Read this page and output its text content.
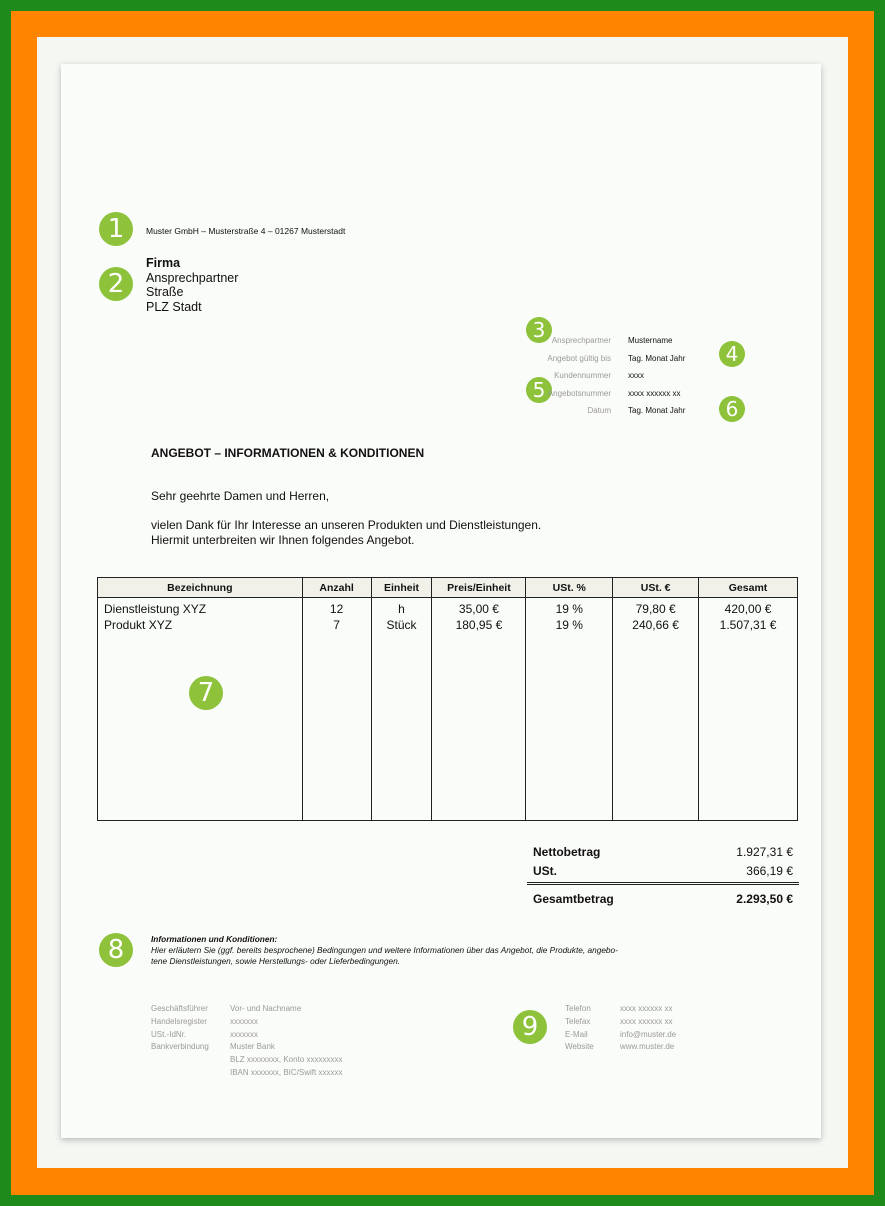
1	Muster GmbH – Musterstraße 4 – 01267 Musterstadt
2
Firma
Ansprechpartner
Straße
PLZ Stadt
3
4
5
6
Ansprechpartner	Mustername
Angebot gültig bis	Tag. Monat Jahr
Kundennummer	xxxx
Angebotsnummer	xxxx xxxxxx xx
Datum	Tag. Monat Jahr
ANGEBOT – INFORMATIONEN & KONDITIONEN
Sehr geehrte Damen und Herren,
vielen Dank für Ihr Interesse an unseren Produkten und Dienstleistungen.
Hiermit unterbreiten wir Ihnen folgendes Angebot.
Bezeichnung	Anzahl	Einheit	Preis/Einheit	USt. %	USt. €	Gesamt
Dienstleistung XYZ	12	h	35,00 €	19 %	79,80 €	420,00 €
Produkt XYZ	7	Stück	180,95 €	19 %	240,66 €	1.507,31 €

7
Nettobetrag	1.927,31 €
USt.	366,19 €
Gesamtbetrag	2.293,50 €
8	Informationen und Konditionen:
Hier erläutern Sie (ggf. bereits besprochene) Bedingungen und weitere Informationen über das Angebot, die Produkte, angebo-
tene Dienstleistungen, sowie Herstellungs- oder Lieferbedingungen.
Geschäftsführer	Vor- und Nachname
Handelsregister	xxxxxxx
USt.-IdNr.	xxxxxxx
Bankverbindung	Muster Bank
BLZ xxxxxxxx, Konto xxxxxxxxx
IBAN xxxxxxx, BIC/Swift xxxxxx
9
Telefon	xxxx xxxxxx xx
Telefax	xxxx xxxxxx xx
E-Mail	info@muster.de
Website	www.muster.de
